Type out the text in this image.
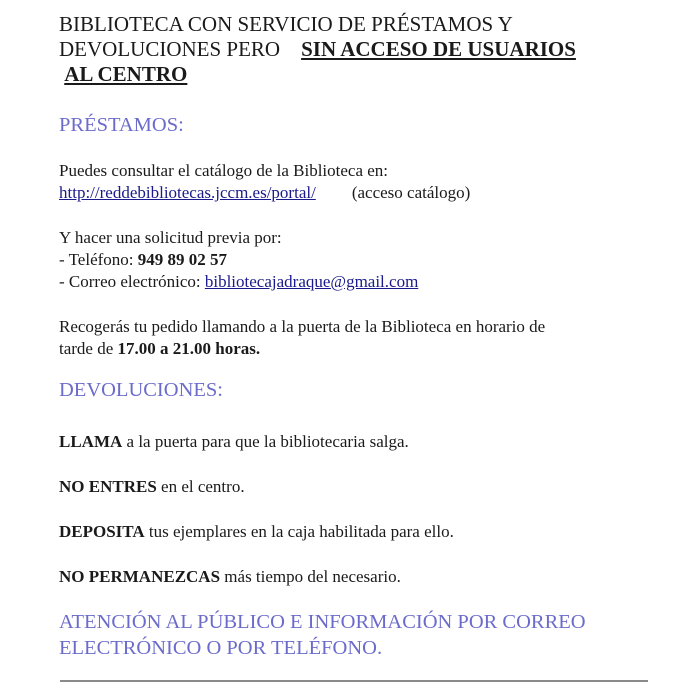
BIBLIOTECA CON SERVICIO DE PRÉSTAMOS Y
DEVOLUCIONES PERO SIN ACCESO DE USUARIOS
AL CENTRO
PRÉSTAMOS:
Puedes consultar el catálogo de la Biblioteca en:
http://reddebibliotecas.jccm.es/portal/ (acceso catálogo)
Y hacer una solicitud previa por:
- Teléfono: 949 89 02 57
- Correo electrónico: bibliotecajadraque@gmail.com
Recogerás tu pedido llamando a la puerta de la Biblioteca en horario de
tarde de 17.00 a 21.00 horas.
DEVOLUCIONES:
LLAMA a la puerta para que la bibliotecaria salga.
NO ENTRES en el centro.
DEPOSITA tus ejemplares en la caja habilitada para ello.
NO PERMANEZCAS más tiempo del necesario.
ATENCIÓN AL PÚBLICO E INFORMACIÓN POR CORREO
ELECTRÓNICO O POR TELÉFONO.
